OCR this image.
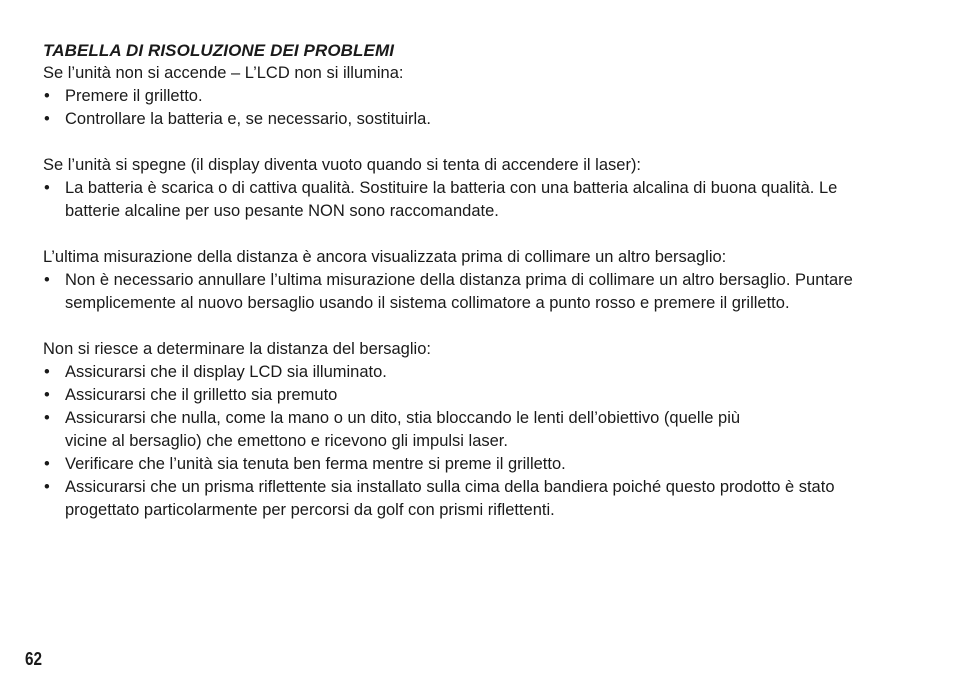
TABELLA DI RISOLUZIONE DEI PROBLEMI

Se l’unità non si accende – L’LCD non si illumina:

• Premere il grilletto.
• Controllare la batteria e, se necessario, sostituirla.

Se l’unità si spegne (il display diventa vuoto quando si tenta di accendere il laser):

• La batteria è scarica o di cattiva qualità. Sostituire la batteria con una batteria alcalina di buona qualità. Le batterie alcaline per uso pesante NON sono raccomandate.

L’ultima misurazione della distanza è ancora visualizzata prima di collimare un altro bersaglio:

• Non è necessario annullare l’ultima misurazione della distanza prima di collimare un altro bersaglio. Puntare semplicemente al nuovo bersaglio usando il sistema collimatore a punto rosso e premere il grilletto.

Non si riesce a determinare la distanza del bersaglio:

• Assicurarsi che il display LCD sia illuminato.
• Assicurarsi che il grilletto sia premuto
• Assicurarsi che nulla, come la mano o un dito, stia bloccando le lenti dell’obiettivo (quelle più vicine al bersaglio) che emettono e ricevono gli impulsi laser.
• Verificare che l’unità sia tenuta ben ferma mentre si preme il grilletto.
• Assicurarsi che un prisma riflettente sia installato sulla cima della bandiera poiché questo prodotto è stato progettato particolarmente per percorsi da golf con prismi riflettenti.
62
